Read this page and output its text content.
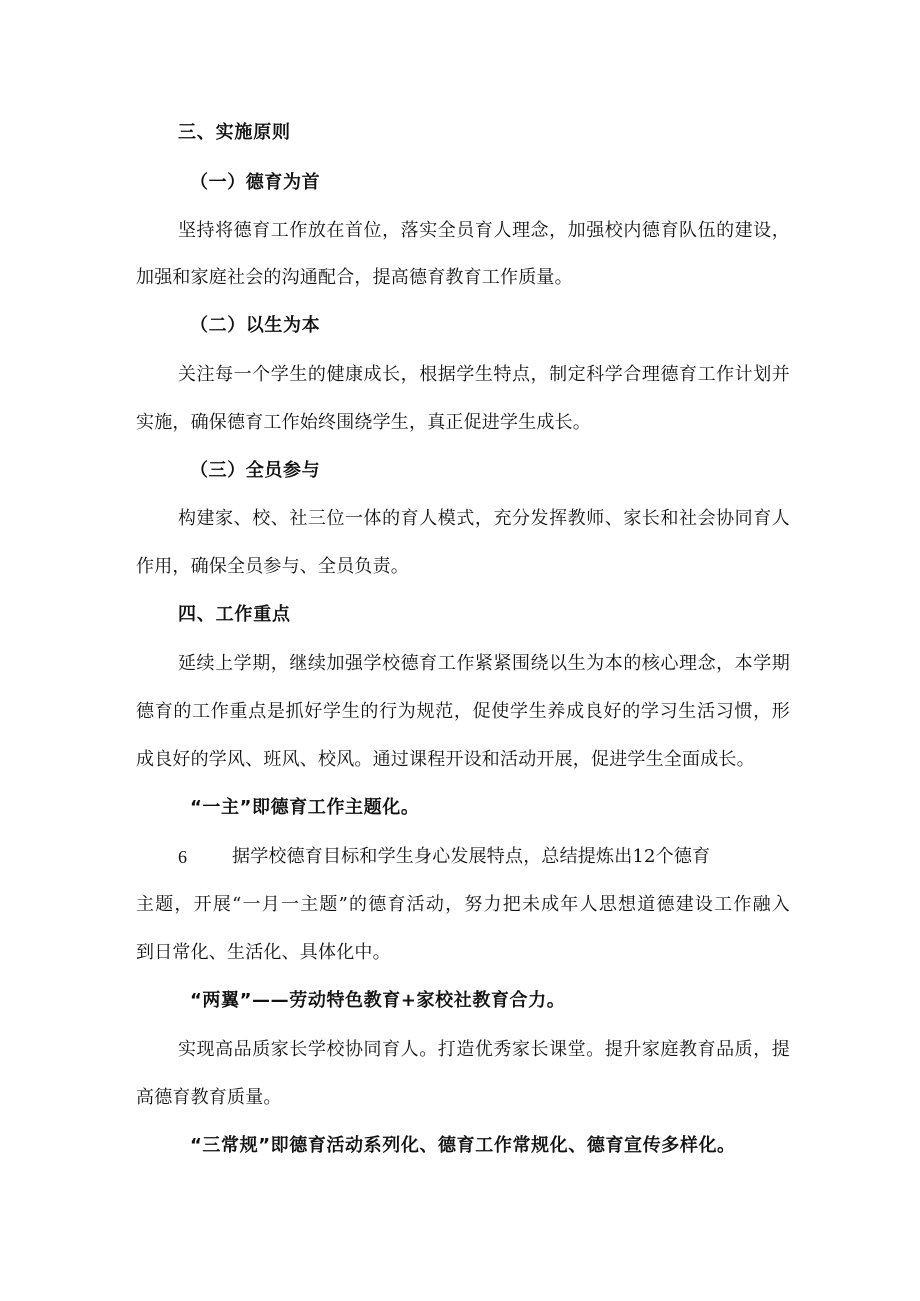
三、实施原则
（一）德育为首
坚持将德育工作放在首位，落实全员育人理念，加强校内德育队伍的建设，
加强和家庭社会的沟通配合，提高德育教育工作质量。
（二）以生为本
关注每一个学生的健康成长，根据学生特点，制定科学合理德育工作计划并
实施，确保德育工作始终围绕学生，真正促进学生成长。
（三）全员参与
构建家、校、社三位一体的育人模式，充分发挥教师、家长和社会协同育人
作用，确保全员参与、全员负责。
四、工作重点
延续上学期，继续加强学校德育工作紧紧围绕以生为本的核心理念，本学期
德育的工作重点是抓好学生的行为规范，促使学生养成良好的学习生活习惯，形
成良好的学风、班风、校风。通过课程开设和活动开展，促进学生全面成长。
“一主”即德育工作主题化。
6 据学校德育目标和学生身心发展特点，总结提炼出12个德育
主题，开展“一月一主题”的德育活动，努力把未成年人思想道德建设工作融入
到日常化、生活化、具体化中。
“两翼”——劳动特色教育+家校社教育合力。
实现高品质家长学校协同育人。打造优秀家长课堂。提升家庭教育品质，提
高德育教育质量。
“三常规”即德育活动系列化、德育工作常规化、德育宣传多样化。
